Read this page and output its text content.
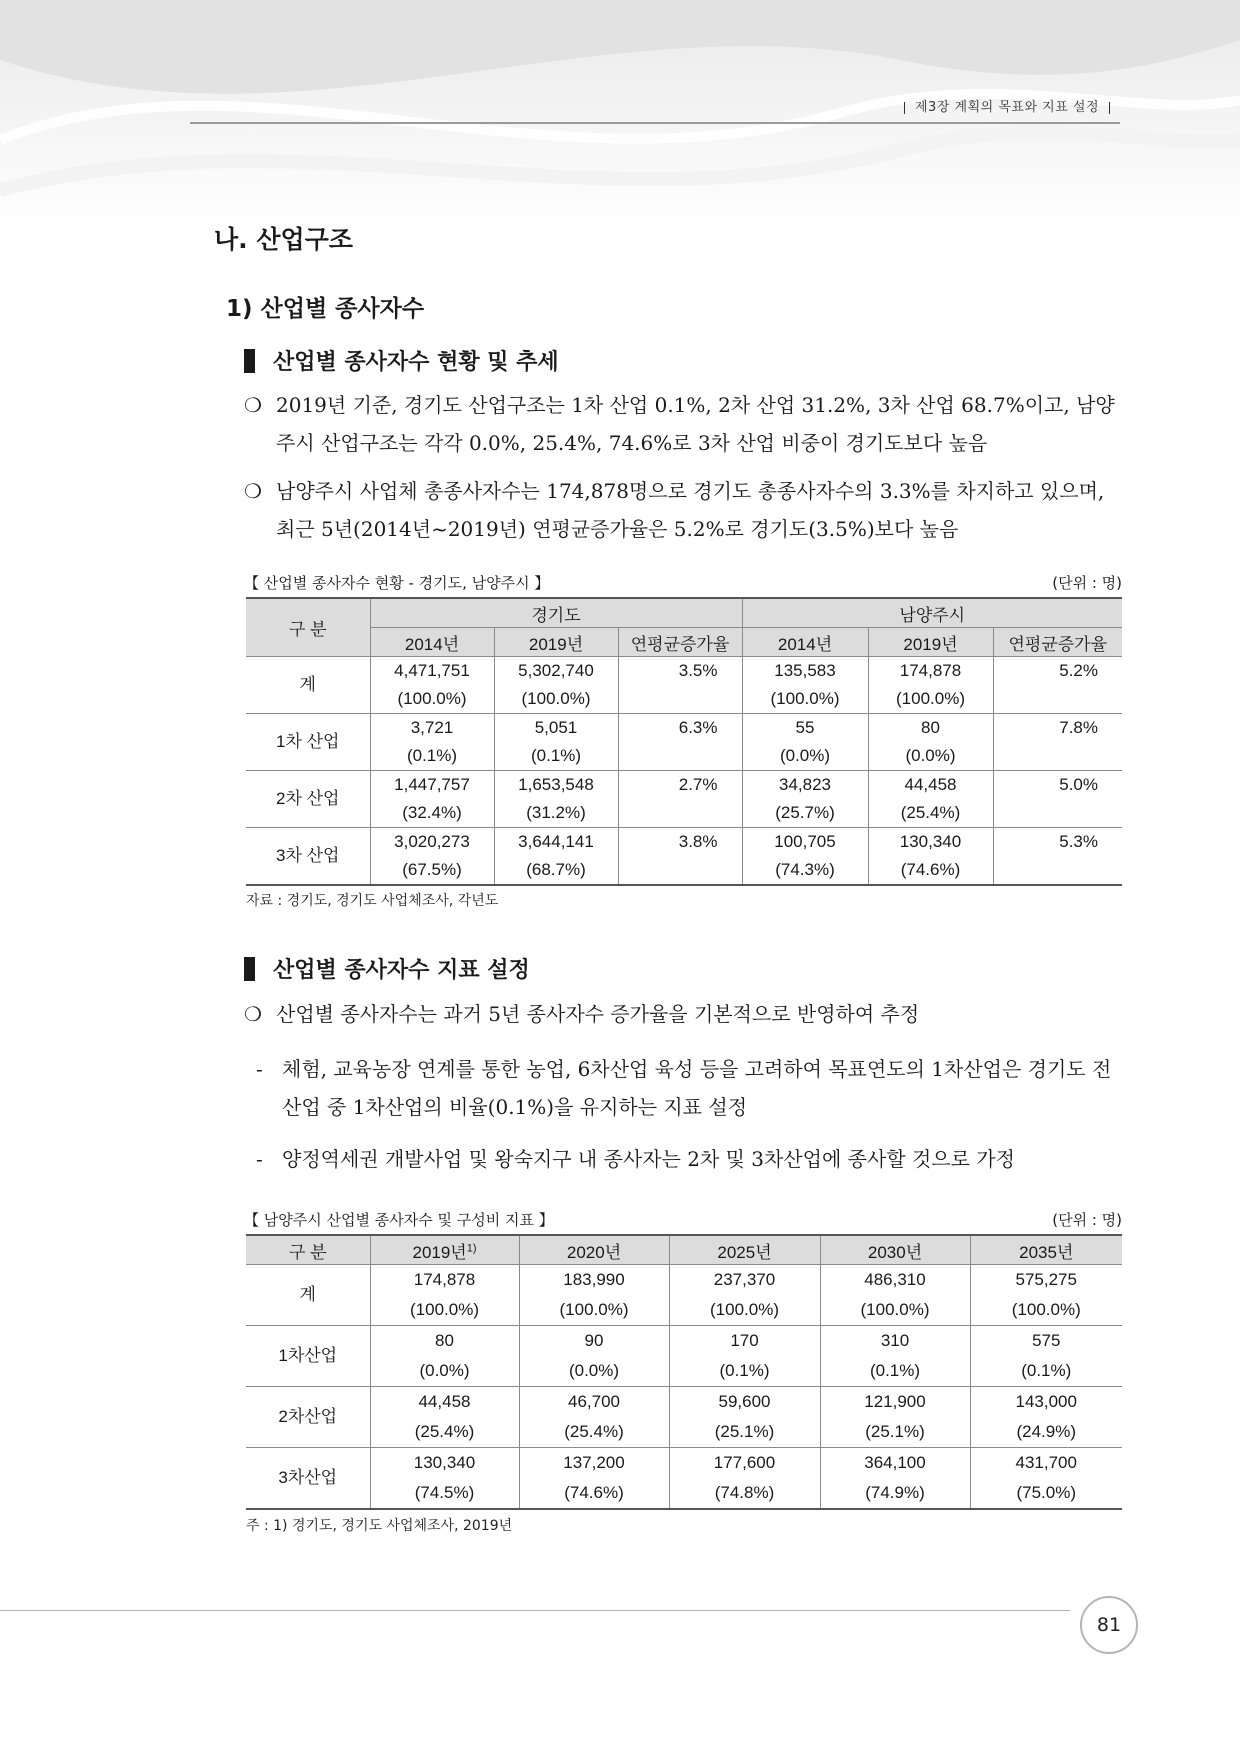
제3장 계획의 목표와 지표 설정
나. 산업구조
1) 산업별 종사자수
산업별 종사자수 현황 및 추세
❍ 2019년 기준, 경기도 산업구조는 1차 산업 0.1%, 2차 산업 31.2%, 3차 산업 68.7%이고, 남양주시 산업구조는 각각 0.0%, 25.4%, 74.6%로 3차 산업 비중이 경기도보다 높음
❍ 남양주시 사업체 총종사자수는 174,878명으로 경기도 총종사자수의 3.3%를 차지하고 있으며, 최근 5년(2014년~2019년) 연평균증가율은 5.2%로 경기도(3.5%)보다 높음
【 산업별 종사자수 현황 - 경기도, 남양주시 】	(단위 : 명)
구 분	경기도			남양주시		
	2014년	2019년	연평균증가율	2014년	2019년	연평균증가율
계	4,471,751	5,302,740	3.5%	135,583	174,878	5.2%
	(100.0%)	(100.0%)		(100.0%)	(100.0%)	
1차 산업	3,721	5,051	6.3%	55	80	7.8%
	(0.1%)	(0.1%)		(0.0%)	(0.0%)	
2차 산업	1,447,757	1,653,548	2.7%	34,823	44,458	5.0%
	(32.4%)	(31.2%)		(25.7%)	(25.4%)	
3차 산업	3,020,273	3,644,141	3.8%	100,705	130,340	5.3%
	(67.5%)	(68.7%)		(74.3%)	(74.6%)	
자료 : 경기도, 경기도 사업체조사, 각년도
산업별 종사자수 지표 설정
❍ 산업별 종사자수는 과거 5년 종사자수 증가율을 기본적으로 반영하여 추정
- 체험, 교육농장 연계를 통한 농업, 6차산업 육성 등을 고려하여 목표연도의 1차산업은 경기도 전산업 중 1차산업의 비율(0.1%)을 유지하는 지표 설정
- 양정역세권 개발사업 및 왕숙지구 내 종사자는 2차 및 3차산업에 종사할 것으로 가정
【 남양주시 산업별 종사자수 및 구성비 지표 】	(단위 : 명)
구 분	2019년$^{1)}$	2020년	2025년	2030년	2035년
계	174,878	183,990	237,370	486,310	575,275
	(100.0%)	(100.0%)	(100.0%)	(100.0%)	(100.0%)
1차산업	80	90	170	310	575
	(0.0%)	(0.0%)	(0.1%)	(0.1%)	(0.1%)
2차산업	44,458	46,700	59,600	121,900	143,000
	(25.4%)	(25.4%)	(25.1%)	(25.1%)	(24.9%)
3차산업	130,340	137,200	177,600	364,100	431,700
	(74.5%)	(74.6%)	(74.8%)	(74.9%)	(75.0%)
주 : 1) 경기도, 경기도 사업체조사, 2019년
81
